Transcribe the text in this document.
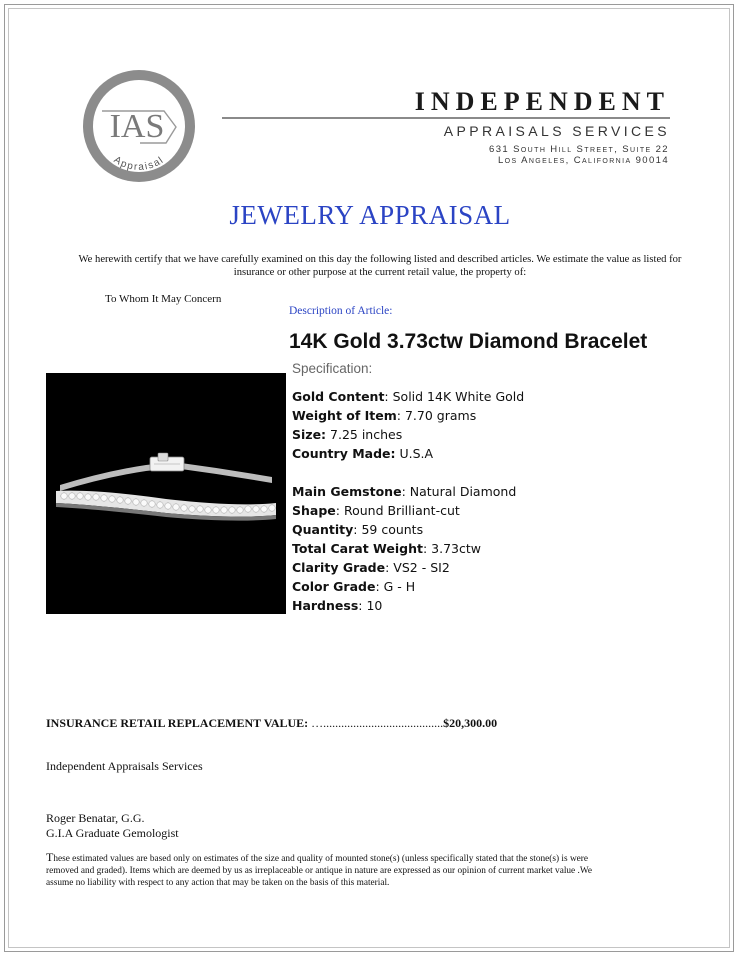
IAS
Appraisal
INDEPENDENT
APPRAISALS SERVICES
631 South Hill Street, Suite 22
Los Angeles, California 90014
JEWELRY APPRAISAL
We herewith certify that we have carefully examined on this day the following listed and described articles. We estimate the value as listed for insurance or other purpose at the current retail value, the property of:
To Whom It May Concern
Description of Article:
14K Gold 3.73ctw Diamond Bracelet
Specification:
Gold Content: Solid 14K White Gold
Weight of Item: 7.70 grams
Size: 7.25 inches
Country Made: U.S.A
Main Gemstone: Natural Diamond
Shape: Round Brilliant-cut
Quantity: 59 counts
Total Carat Weight: 3.73ctw
Clarity Grade: VS2 - SI2
Color Grade: G - H
Hardness: 10
INSURANCE RETAIL REPLACEMENT VALUE: …........................................$20,300.00
Independent Appraisals Services
Roger Benatar, G.G.
G.I.A Graduate Gemologist
These estimated values are based only on estimates of the size and quality of mounted stone(s) (unless specifically stated that the stone(s) is were removed and graded). Items which are deemed by us as irreplaceable or antique in nature are expressed as our opinion of current market value .We assume no liability with respect to any action that may be taken on the basis of this material.
